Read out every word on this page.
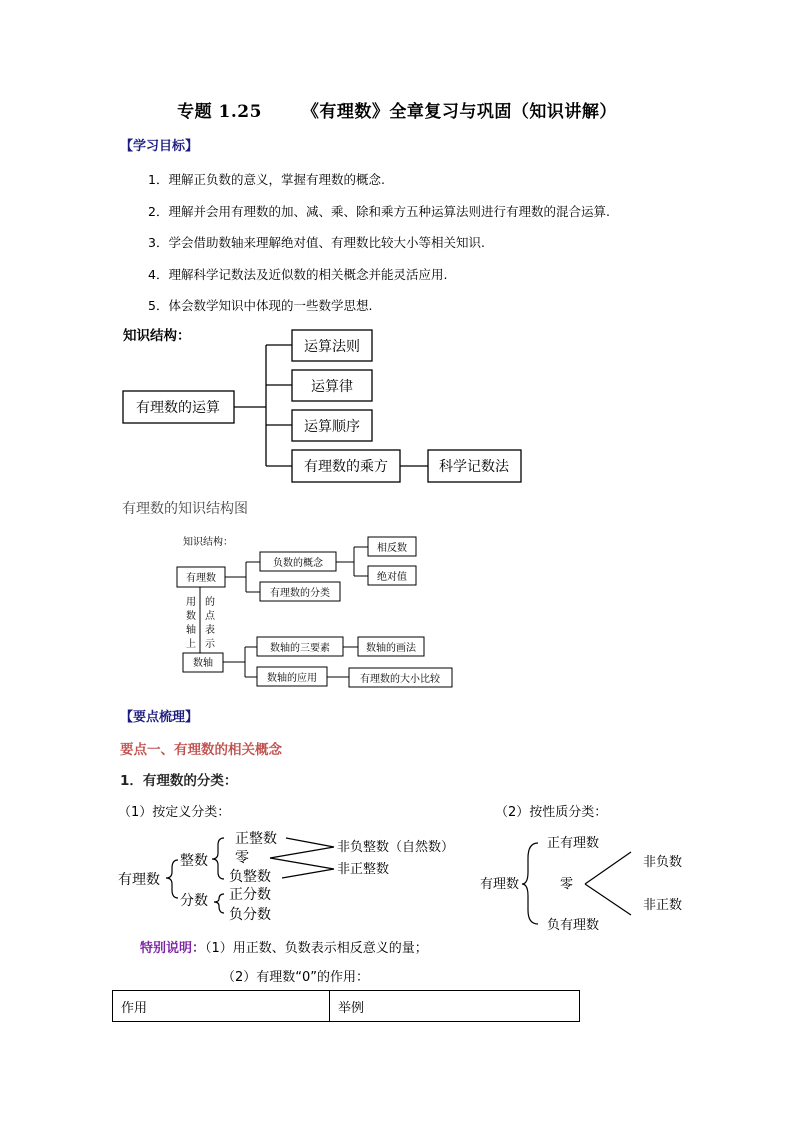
专题 1.25 《有理数》全章复习与巩固（知识讲解）
【学习目标】
1．理解正负数的意义，掌握有理数的概念.
2．理解并会用有理数的加、减、乘、除和乘方五种运算法则进行有理数的混合运算.
3．学会借助数轴来理解绝对值、有理数比较大小等相关知识.
4．理解科学记数法及近似数的相关概念并能灵活应用.
5．体会数学知识中体现的一些数学思想.
知识结构：
有理数的运算
运算法则
运算律
运算顺序
有理数的乘方	科学记数法
有理数的知识结构图
知识结构：
有理数
负数的概念
有理数的分类
相反数
绝对值
用
数
轴
上
的
点
表
示
数轴
数轴的三要素
数轴的应用
数轴的画法
有理数的大小比较
有理数
整数
分数
正整数
零
负整数
正分数
负分数
非负整数（自然数）
非正整数
有理数
正有理数
零
负有理数
非负数
非正数
【要点梳理】
要点一、有理数的相关概念
1．有理数的分类：
（1）按定义分类：	（2）按性质分类：
特别说明：（1）用正数、负数表示相反意义的量；
（2）有理数“0”的作用：
作用	举例
